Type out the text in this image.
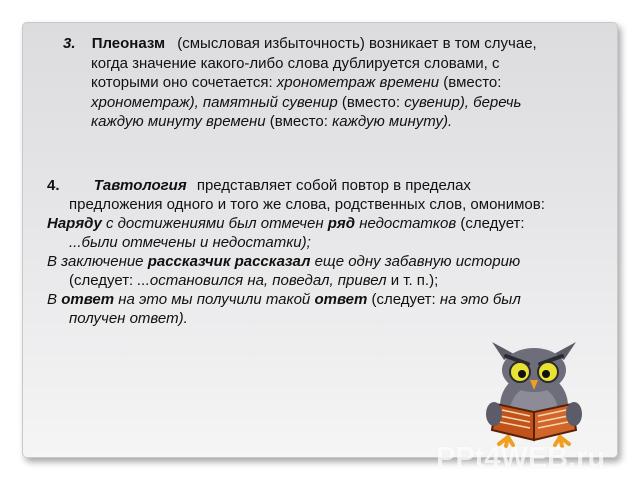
3. Плеоназм (смысловая избыточность) возникает в том случае,
когда значение какого-либо слова дублируется словами, с
которыми оно сочетается: хронометраж времени (вместо:
хронометраж), памятный сувенир (вместо: сувенир), беречь
каждую минуту времени (вместо: каждую минуту).
4. Тавтология представляет собой повтор в пределах
предложения одного и того же слова, родственных слов, омонимов:
Наряду с достижениями был отмечен ряд недостатков (следует:
...были отмечены и недостатки);
В заключение рассказчик рассказал еще одну забавную историю
(следует: ...остановился на, поведал, привел и т. п.);
В ответ на это мы получили такой ответ (следует: на это был
получен ответ).
PPt4WEB.ru
